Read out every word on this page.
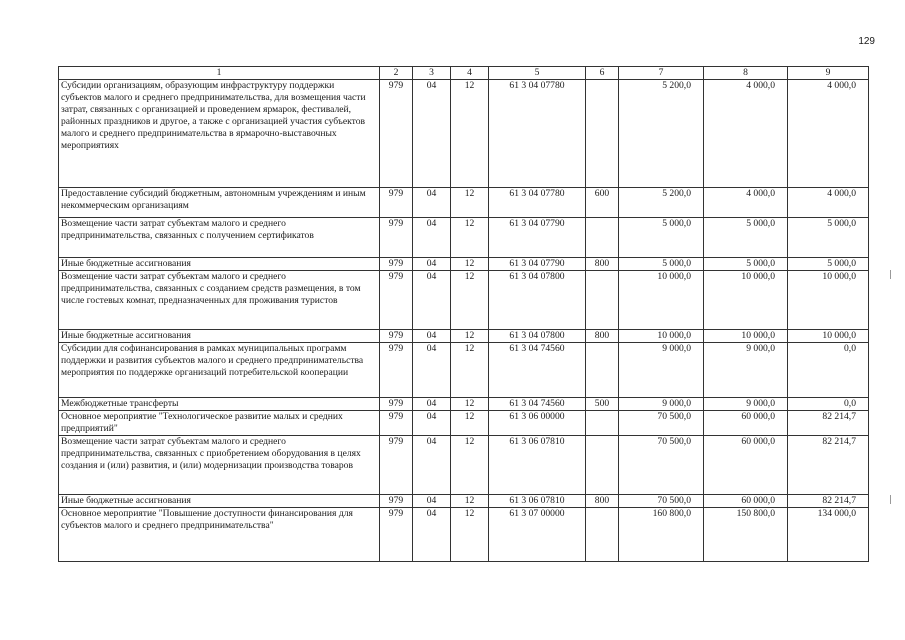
129
1	2	3	4	5	6	7	8	9
Субсидии организациям, образующим инфраструктуру поддержки субъектов малого и среднего предпринимательства, для возмещения части затрат, связанных с организацией и проведением ярмарок, фестивалей, районных праздников и другое, а также с организацией участия субъектов малого и среднего предпринимательства в ярмарочно-выставочных мероприятиях	979	04	12	61 3 04 07780		5 200,0	4 000,0	4 000,0
Предоставление субсидий бюджетным, автономным учреждениям и иным некоммерческим организациям	979	04	12	61 3 04 07780	600	5 200,0	4 000,0	4 000,0
Возмещение части затрат субъектам малого и среднего предпринимательства, связанных с получением сертификатов	979	04	12	61 3 04 07790		5 000,0	5 000,0	5 000,0
Иные бюджетные ассигнования	979	04	12	61 3 04 07790	800	5 000,0	5 000,0	5 000,0
Возмещение части затрат субъектам малого и среднего предпринимательства, связанных с созданием средств размещения, в том числе гостевых комнат, предназначенных для проживания туристов	979	04	12	61 3 04 07800		10 000,0	10 000,0	10 000,0
Иные бюджетные ассигнования	979	04	12	61 3 04 07800	800	10 000,0	10 000,0	10 000,0
Субсидии для софинансирования в рамках муниципальных программ поддержки и развития субъектов малого и среднего предпринимательства мероприятия по поддержке организаций потребительской кооперации	979	04	12	61 3 04 74560		9 000,0	9 000,0	0,0
Межбюджетные трансферты	979	04	12	61 3 04 74560	500	9 000,0	9 000,0	0,0
Основное мероприятие "Технологическое развитие малых и средних предприятий"	979	04	12	61 3 06 00000		70 500,0	60 000,0	82 214,7
Возмещение части затрат субъектам малого и среднего предпринимательства, связанных с приобретением оборудования в целях создания и (или) развития, и (или) модернизации производства товаров	979	04	12	61 3 06 07810		70 500,0	60 000,0	82 214,7
Иные бюджетные ассигнования	979	04	12	61 3 06 07810	800	70 500,0	60 000,0	82 214,7
Основное мероприятие "Повышение доступности финансирования для субъектов малого и среднего предпринимательства"	979	04	12	61 3 07 00000		160 800,0	150 800,0	134 000,0
